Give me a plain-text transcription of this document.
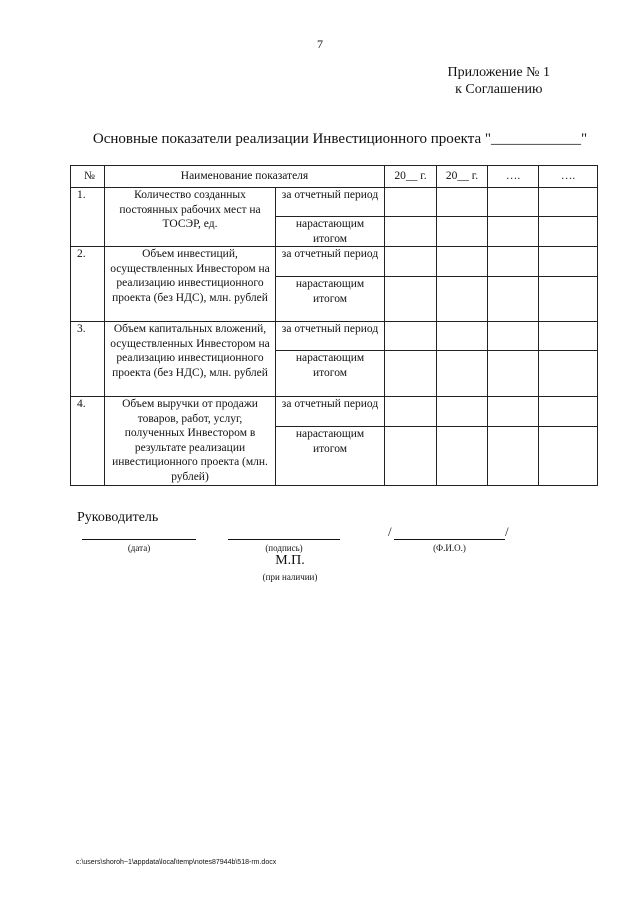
7
Приложение № 1
к Соглашению
Основные показатели реализации Инвестиционного проекта "____________"
№	Наименование показателя		20__ г.	20__ г.	….	….
1.	Количество созданных постоянных рабочих мест на ТОСЭР, ед.	за отчетный период				
		нарастающим итогом				
2.	Объем инвестиций, осуществленных Инвестором на реализацию инвестиционного проекта (без НДС), млн. рублей	за отчетный период				
		нарастающим итогом				
3.	Объем капитальных вложений, осуществленных Инвестором на реализацию инвестиционного проекта (без НДС), млн. рублей	за отчетный период				
		нарастающим итогом				
4.	Объем выручки от продажи товаров, работ, услуг, полученных Инвестором в результате реализации инвестиционного проекта (млн. рублей)	за отчетный период				
		нарастающим итогом				
Руководитель
(дата)	(подпись)
/	/
(Ф.И.О.)
М.П.
(при наличии)
c:\users\shoroh~1\appdata\local\temp\notes87944b\518-rm.docx
